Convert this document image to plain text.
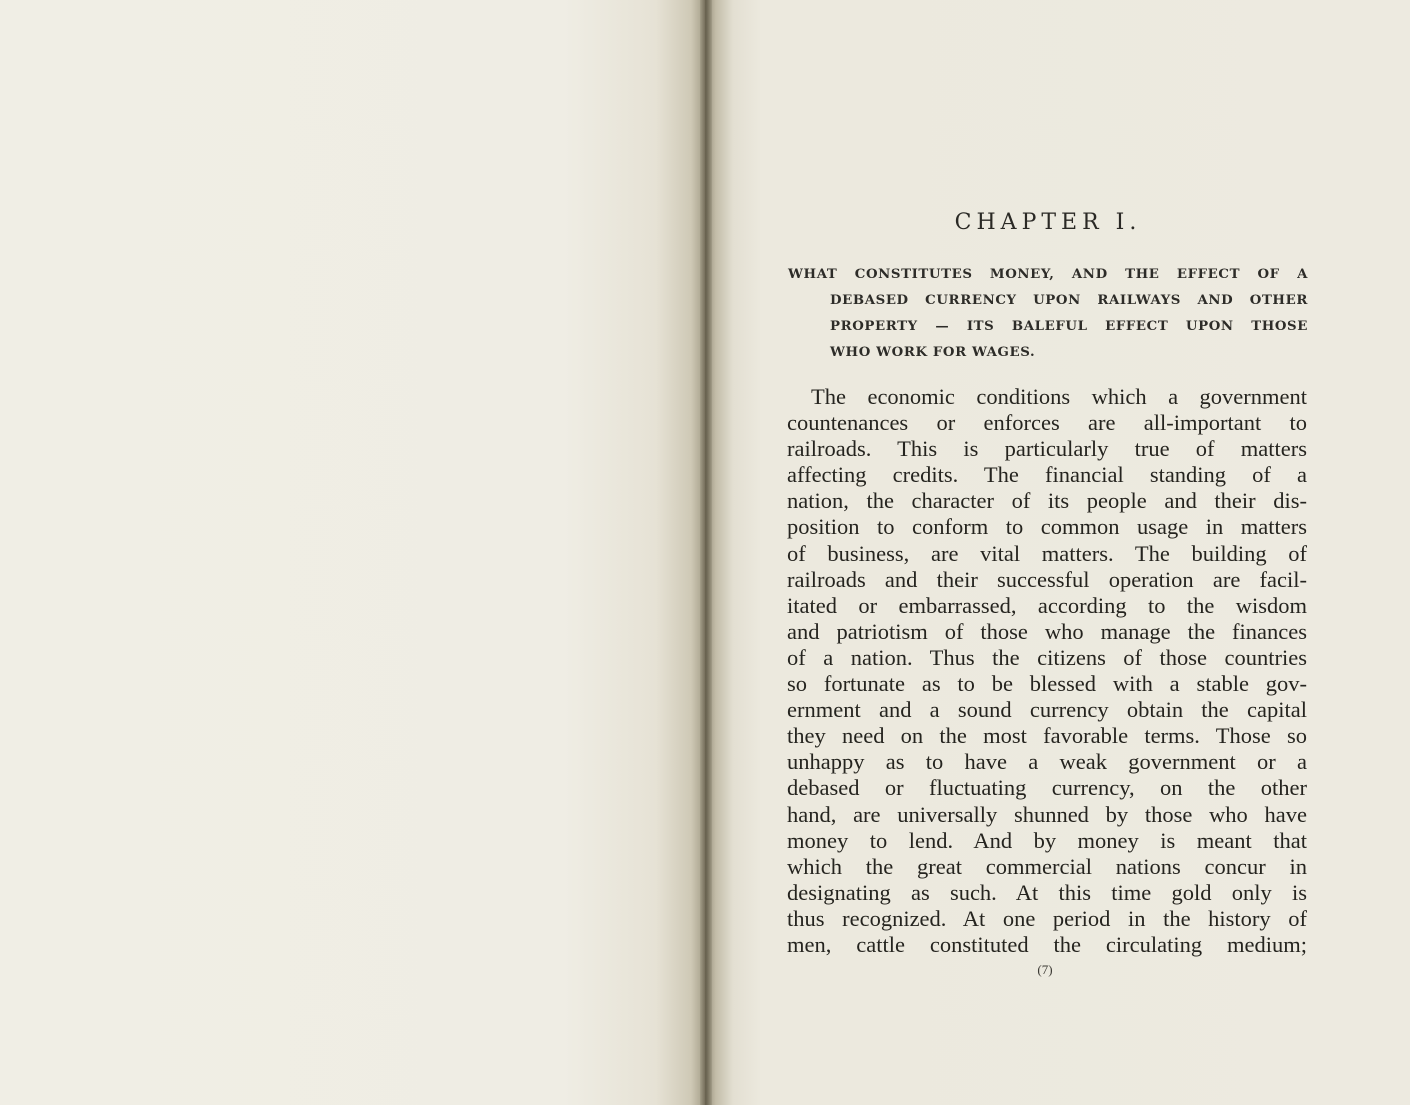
CHAPTER I.
WHAT CONSTITUTES MONEY, AND THE EFFECT OF A
DEBASED CURRENCY UPON RAILWAYS AND OTHER
PROPERTY — ITS BALEFUL EFFECT UPON THOSE
WHO WORK FOR WAGES.
The economic conditions which a government
countenances or enforces are all-important to
railroads. This is particularly true of matters
affecting credits. The financial standing of a
nation, the character of its people and their dis-
position to conform to common usage in matters
of business, are vital matters. The building of
railroads and their successful operation are facil-
itated or embarrassed, according to the wisdom
and patriotism of those who manage the finances
of a nation. Thus the citizens of those countries
so fortunate as to be blessed with a stable gov-
ernment and a sound currency obtain the capital
they need on the most favorable terms. Those so
unhappy as to have a weak government or a
debased or fluctuating currency, on the other
hand, are universally shunned by those who have
money to lend. And by money is meant that
which the great commercial nations concur in
designating as such. At this time gold only is
thus recognized. At one period in the history of
men, cattle constituted the circulating medium;
(7)
